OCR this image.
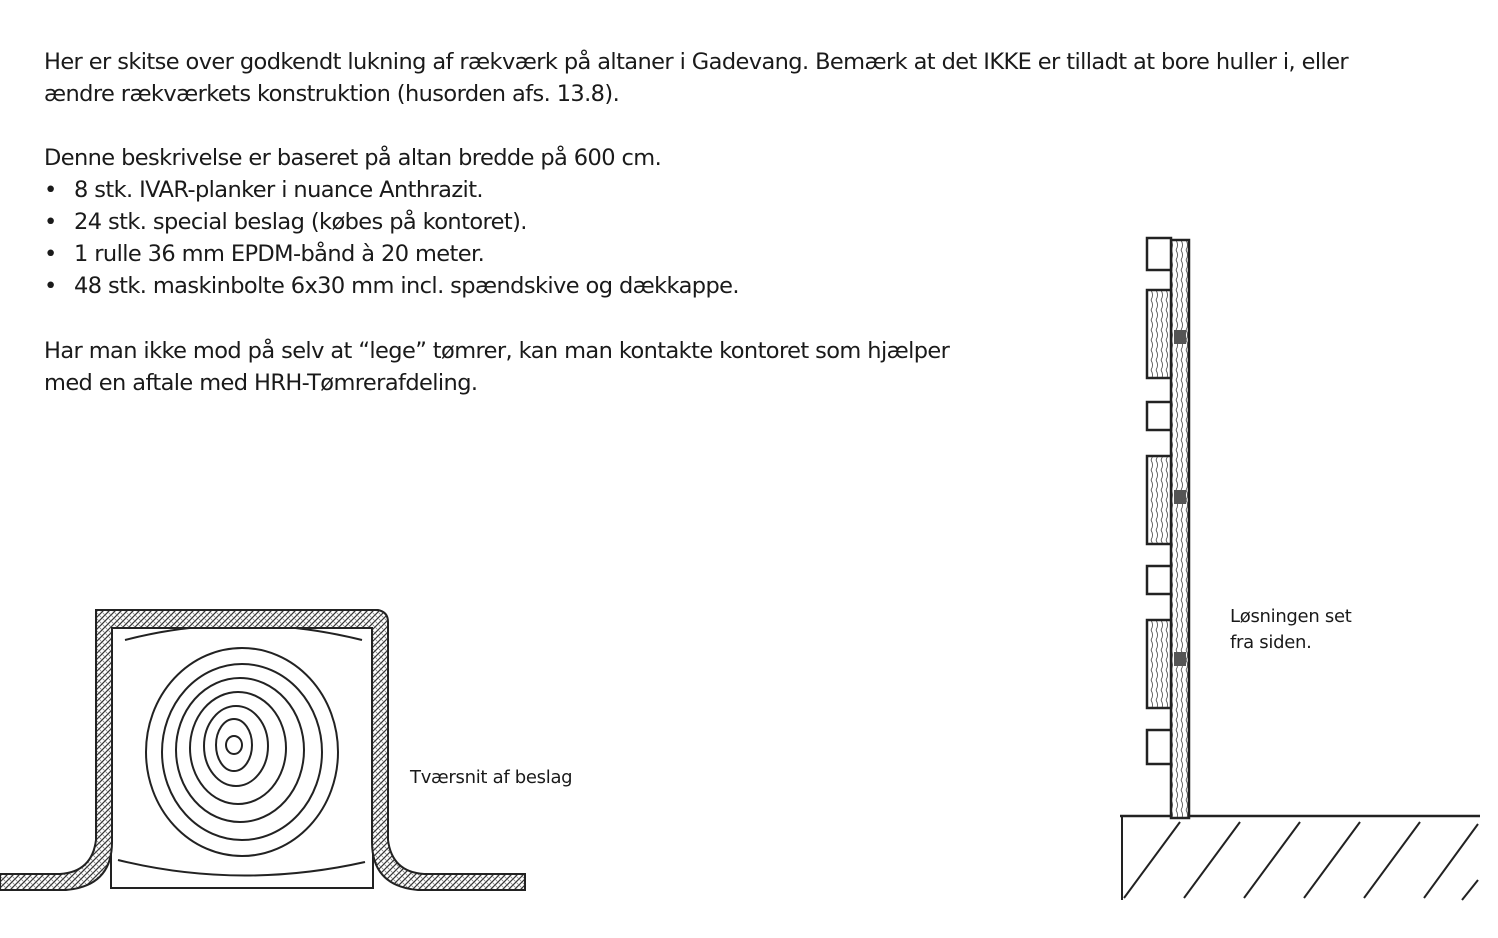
Her er skitse over godkendt lukning af rækværk på altaner i Gadevang. Bemærk at det IKKE er tilladt at bore huller i, eller ændre rækværkets konstruktion (husorden afs. 13.8).

Denne beskrivelse er baseret på altan bredde på 600 cm.

• 8 stk. IVAR-planker i nuance Anthrazit.
• 24 stk. special beslag (købes på kontoret).
• 1 rulle 36 mm EPDM-bånd à 20 meter.
• 48 stk. maskinbolte 6x30 mm incl. spændskive og dækkappe.

Har man ikke mod på selv at “lege” tømrer, kan man kontakte kontoret som hjælper med en aftale med HRH-Tømrerafdeling.

Tværsnit af beslag

Løsningen set fra siden.
